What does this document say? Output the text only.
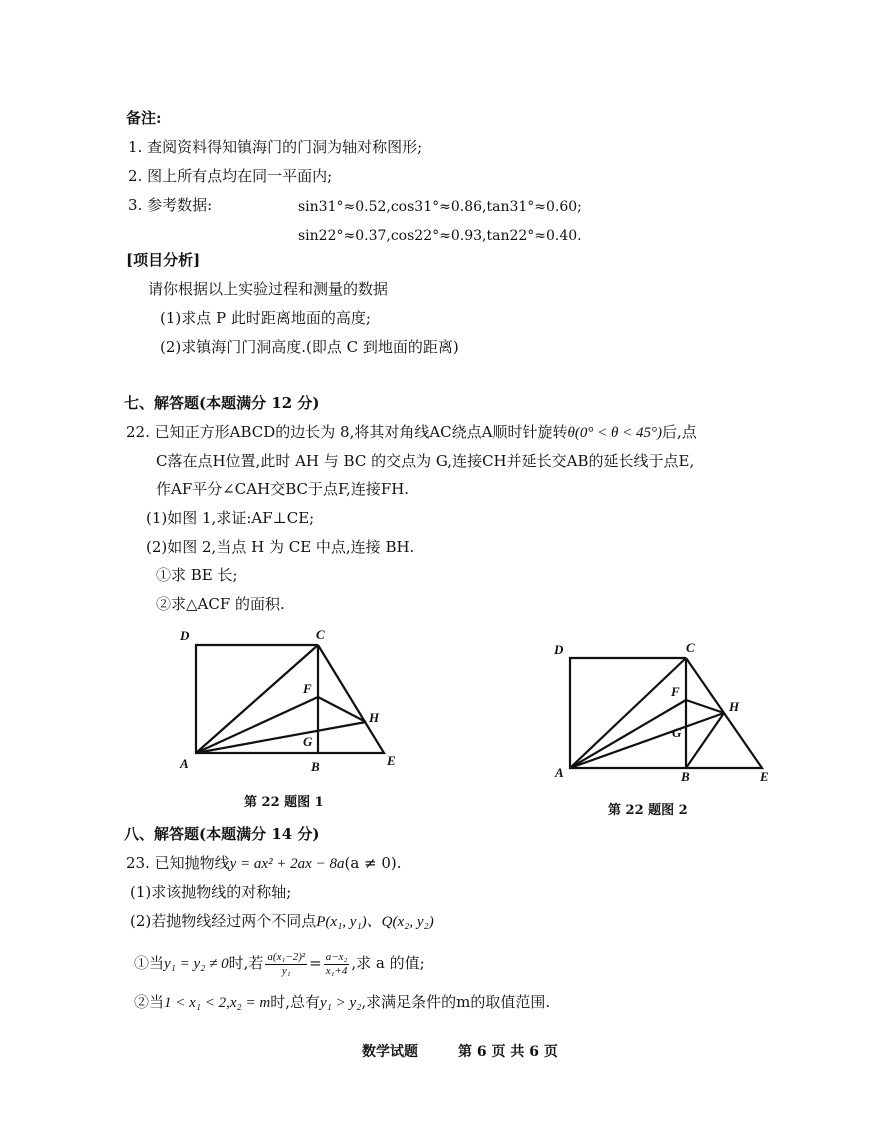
备注:
1. 查阅资料得知镇海门的门洞为轴对称图形;
2. 图上所有点均在同一平面内;
3. 参考数据:	sin31°≈0.52,cos31°≈0.86,tan31°≈0.60;
sin22°≈0.37,cos22°≈0.93,tan22°≈0.40.
[项目分析]
请你根据以上实验过程和测量的数据
(1)求点 P 此时距离地面的高度;
(2)求镇海门门洞高度.(即点 C 到地面的距离)
七、解答题(本题满分 12 分)
22. 已知正方形ABCD的边长为 8,将其对角线AC绕点A顺时针旋转θ(0° < θ < 45°)后,点
C落在点H位置,此时 AH 与 BC 的交点为 G,连接CH并延长交AB的延长线于点E,
作AF平分∠CAH交BC于点F,连接FH.
(1)如图 1,求证:AF⊥CE;
(2)如图 2,当点 H 为 CE 中点,连接 BH.
①求 BE 长;
②求△ACF 的面积.
D	C
F
H
G
A	B	E
D	C
F
H
G
A	B	E
第 22 题图 1
第 22 题图 2
八、解答题(本题满分 14 分)
23. 已知抛物线y = ax² + 2ax − 8a(a ≠ 0).
(1)求该抛物线的对称轴;
(2)若抛物线经过两个不同点P(x₁, y₁)、Q(x₂, y₂)
①当y₁ = y₂ ≠ 0时,若 $\frac{\text{a(x₁−2)²}}{\text{y₁}} = \frac{\text{a−x₂}}{\text{x₁+4}}$ ,求 a 的值;
②当1 < x₁ < 2,x₂ = m时,总有y₁ > y₂,求满足条件的m的取值范围.
数学试题	第 6 页 共 6 页
